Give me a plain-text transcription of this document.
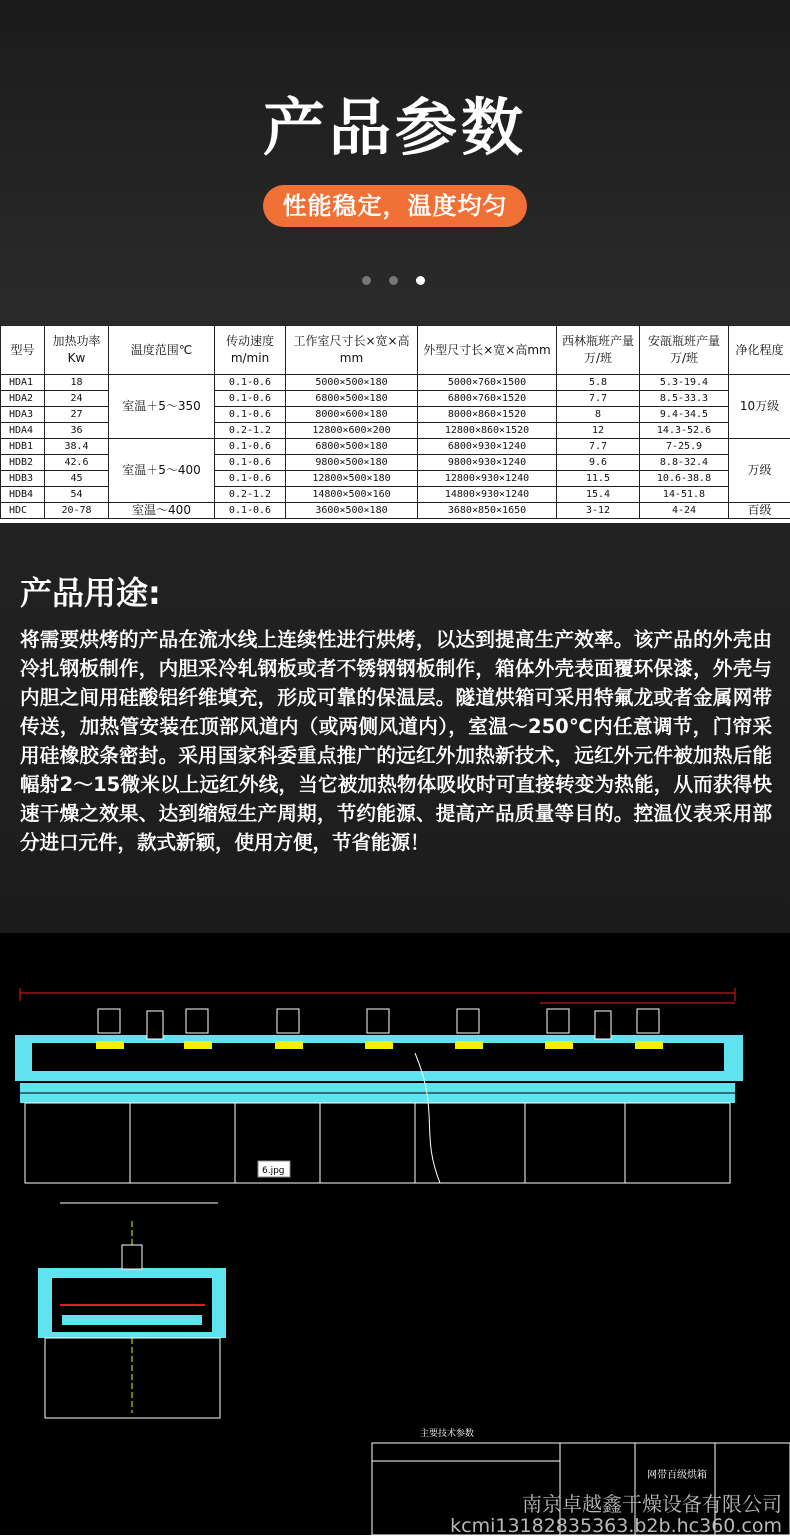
产品参数
性能稳定，温度均匀
型号	加热功率Kw	温度范围℃	传动速度m/min	工作室尺寸长×宽×高mm	外型尺寸长×宽×高mm	西林瓶班产量万/班	安瓿瓶班产量万/班	净化程度
HDA1	18	室温＋5～350	0.1-0.6	5000×500×180	5000×760×1500	5.8	5.3-19.4	10万级
HDA2	24		0.1-0.6	6800×500×180	6800×760×1520	7.7	8.5-33.3	
HDA3	27		0.1-0.6	8000×600×180	8000×860×1520	8	9.4-34.5	
HDA4	36		0.2-1.2	12800×600×200	12800×860×1520	12	14.3-52.6	
HDB1	38.4	室温＋5～400	0.1-0.6	6800×500×180	6800×930×1240	7.7	7-25.9	万级
HDB2	42.6		0.1-0.6	9800×500×180	9800×930×1240	9.6	8.8-32.4	
HDB3	45		0.1-0.6	12800×500×180	12800×930×1240	11.5	10.6-38.8	
HDB4	54		0.2-1.2	14800×500×160	14800×930×1240	15.4	14-51.8	
HDC	20-78	室温～400	0.1-0.6	3600×500×180	3680×850×1650	3-12	4-24	百级
产品用途:
将需要烘烤的产品在流水线上连续性进行烘烤，以达到提高生产效率。该产品的外壳由冷扎钢板制作，内胆采冷轧钢板或者不锈钢钢板制作，箱体外壳表面覆环保漆，外壳与内胆之间用硅酸铝纤维填充，形成可靠的保温层。隧道烘箱可采用特氟龙或者金属网带传送，加热管安装在顶部风道内（或两侧风道内），室温～250℃内任意调节，门帘采用硅橡胶条密封。采用国家科委重点推广的远红外加热新技术，远红外元件被加热后能幅射2～15微米以上远红外线，当它被加热物体吸收时可直接转变为热能，从而获得快速干燥之效果、达到缩短生产周期，节约能源、提高产品质量等目的。控温仪表采用部分进口元件，款式新颖，使用方便，节省能源！
6.jpg
主要技术参数
网带百级烘箱
南京卓越鑫干燥设备有限公司
kcmi13182835363.b2b.hc360.com
